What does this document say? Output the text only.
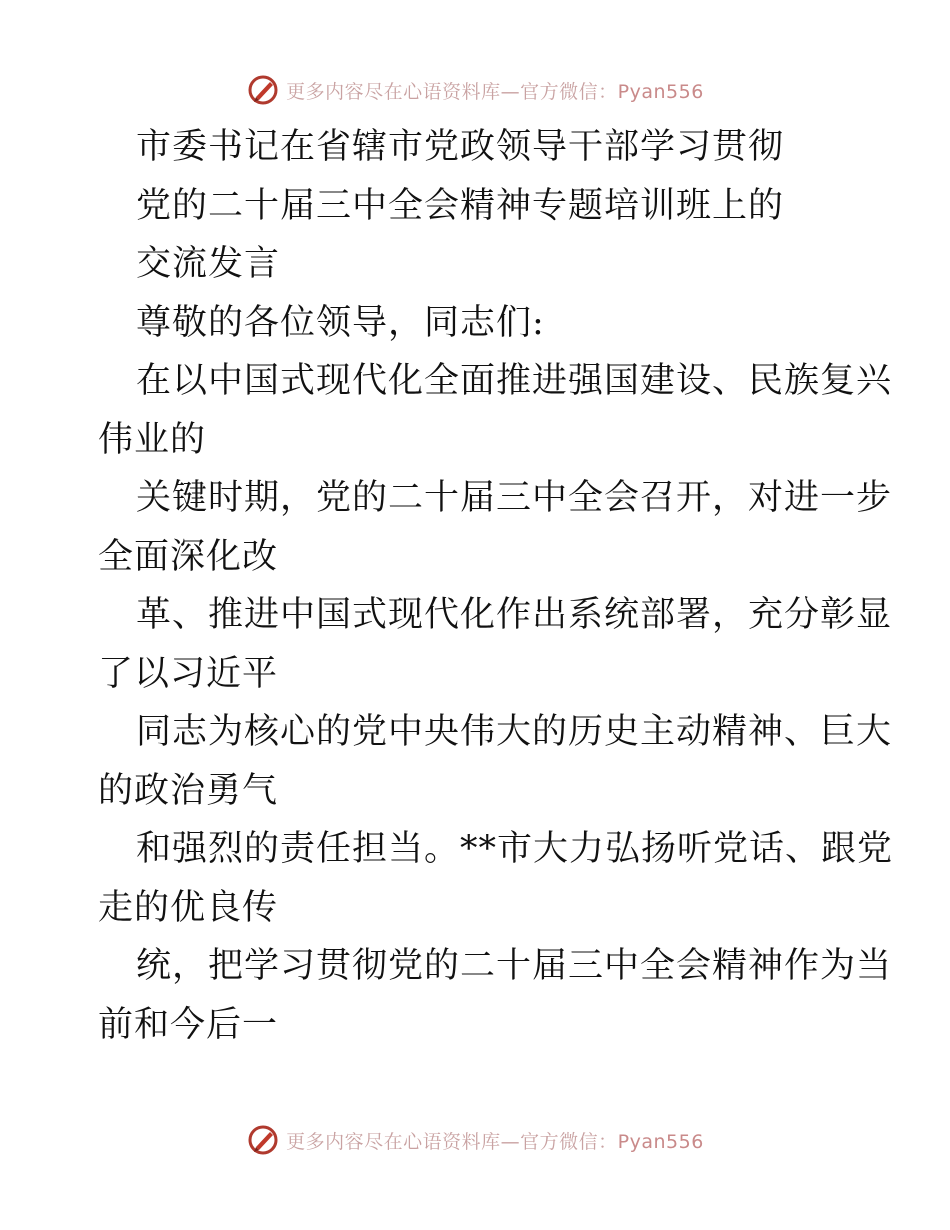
更多内容尽在心语资料库—官方微信：Pyan556
市委书记在省辖市党政领导干部学习贯彻
党的二十届三中全会精神专题培训班上的
交流发言
尊敬的各位领导，同志们:
在以中国式现代化全面推进强国建设、民族复兴
伟业的
关键时期，党的二十届三中全会召开，对进一步
全面深化改
革、推进中国式现代化作出系统部署，充分彰显
了以习近平
同志为核心的党中央伟大的历史主动精神、巨大
的政治勇气
和强烈的责任担当。**市大力弘扬听党话、跟党
走的优良传
统，把学习贯彻党的二十届三中全会精神作为当
前和今后一
更多内容尽在心语资料库—官方微信：Pyan556
